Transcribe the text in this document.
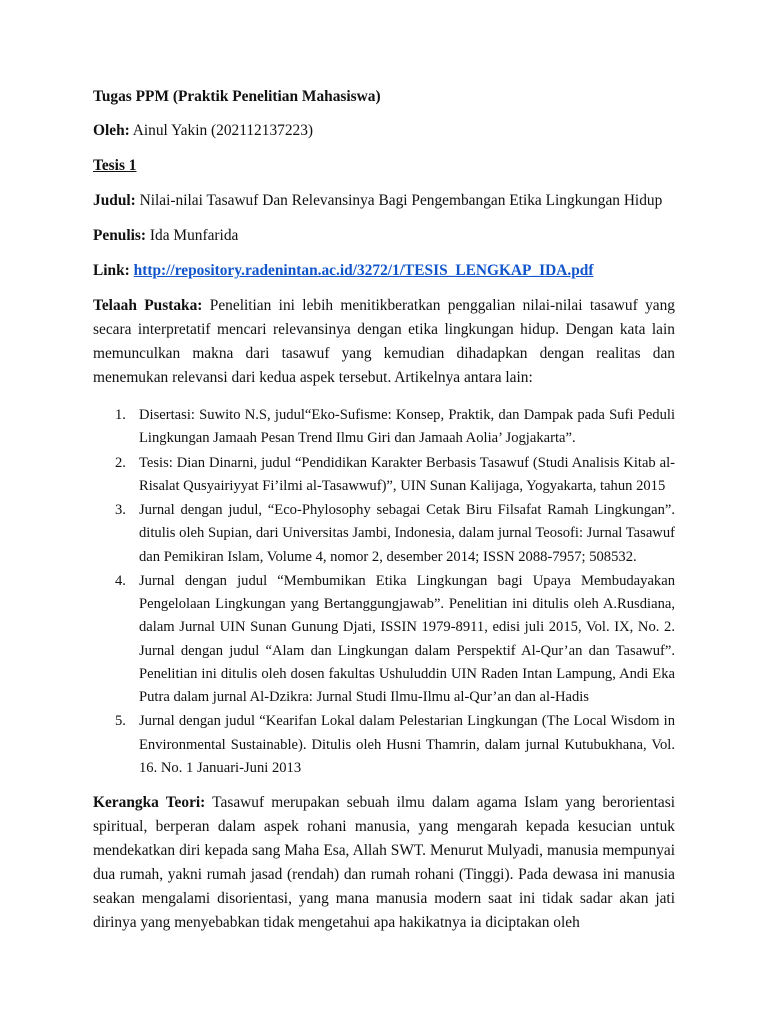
Tugas PPM (Praktik Penelitian Mahasiswa)
Oleh: Ainul Yakin (202112137223)
Tesis 1
Judul: Nilai-nilai Tasawuf Dan Relevansinya Bagi Pengembangan Etika Lingkungan Hidup
Penulis: Ida Munfarida
Link: http://repository.radenintan.ac.id/3272/1/TESIS_LENGKAP_IDA.pdf
Telaah Pustaka: Penelitian ini lebih menitikberatkan penggalian nilai-nilai tasawuf yang secara interpretatif mencari relevansinya dengan etika lingkungan hidup. Dengan kata lain memunculkan makna dari tasawuf yang kemudian dihadapkan dengan realitas dan menemukan relevansi dari kedua aspek tersebut. Artikelnya antara lain:
1. Disertasi: Suwito N.S, judul“Eko-Sufisme: Konsep, Praktik, dan Dampak pada Sufi Peduli Lingkungan Jamaah Pesan Trend Ilmu Giri dan Jamaah Aolia’ Jogjakarta”.
2. Tesis: Dian Dinarni, judul “Pendidikan Karakter Berbasis Tasawuf (Studi Analisis Kitab al-Risalat Qusyairiyyat Fi’ilmi al-Tasawwuf)”, UIN Sunan Kalijaga, Yogyakarta, tahun 2015
3. Jurnal dengan judul, “Eco-Phylosophy sebagai Cetak Biru Filsafat Ramah Lingkungan”. ditulis oleh Supian, dari Universitas Jambi, Indonesia, dalam jurnal Teosofi: Jurnal Tasawuf dan Pemikiran Islam, Volume 4, nomor 2, desember 2014; ISSN 2088-7957; 508532.
4. Jurnal dengan judul “Membumikan Etika Lingkungan bagi Upaya Membudayakan Pengelolaan Lingkungan yang Bertanggungjawab”. Penelitian ini ditulis oleh A.Rusdiana, dalam Jurnal UIN Sunan Gunung Djati, ISSIN 1979-8911, edisi juli 2015, Vol. IX, No. 2. Jurnal dengan judul “Alam dan Lingkungan dalam Perspektif Al-Qur’an dan Tasawuf”. Penelitian ini ditulis oleh dosen fakultas Ushuluddin UIN Raden Intan Lampung, Andi Eka Putra dalam jurnal Al-Dzikra: Jurnal Studi Ilmu-Ilmu al-Qur’an dan al-Hadis
5. Jurnal dengan judul “Kearifan Lokal dalam Pelestarian Lingkungan (The Local Wisdom in Environmental Sustainable). Ditulis oleh Husni Thamrin, dalam jurnal Kutubukhana, Vol. 16. No. 1 Januari-Juni 2013
Kerangka Teori: Tasawuf merupakan sebuah ilmu dalam agama Islam yang berorientasi spiritual, berperan dalam aspek rohani manusia, yang mengarah kepada kesucian untuk mendekatkan diri kepada sang Maha Esa, Allah SWT. Menurut Mulyadi, manusia mempunyai dua rumah, yakni rumah jasad (rendah) dan rumah rohani (Tinggi). Pada dewasa ini manusia seakan mengalami disorientasi, yang mana manusia modern saat ini tidak sadar akan jati dirinya yang menyebabkan tidak mengetahui apa hakikatnya ia diciptakan oleh
